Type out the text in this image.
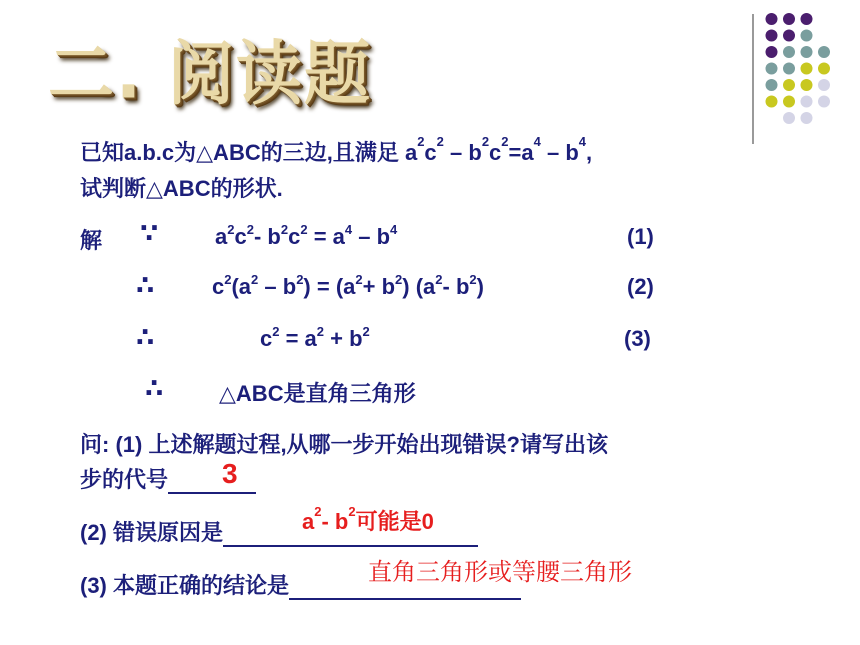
二. 阅读题
已知a.b.c为△ABC的三边,且满足 $a^2c^2 - b^2c^2=a^4 - b^4$,
试判断△ABC的形状.
解 ∵	$a^2c^2-$ $b^2c^2 = a^4 - b^4$	(1)
∴	$c^2(a^2 - b^2) = (a^2+ b^2)$ ($a^2-$ $b^2$)	(2)
∴	$c^2 = a^2 + b^2$	(3)
∴	△ABC是直角三角形
问: (1) 上述解题过程,从哪一步开始出现错误?请写出该
步的代号	3
(2) 错误原因是	$a^2-$ $b^2$可能是0
(3) 本题正确的结论是	直角三角形或等腰三角形
